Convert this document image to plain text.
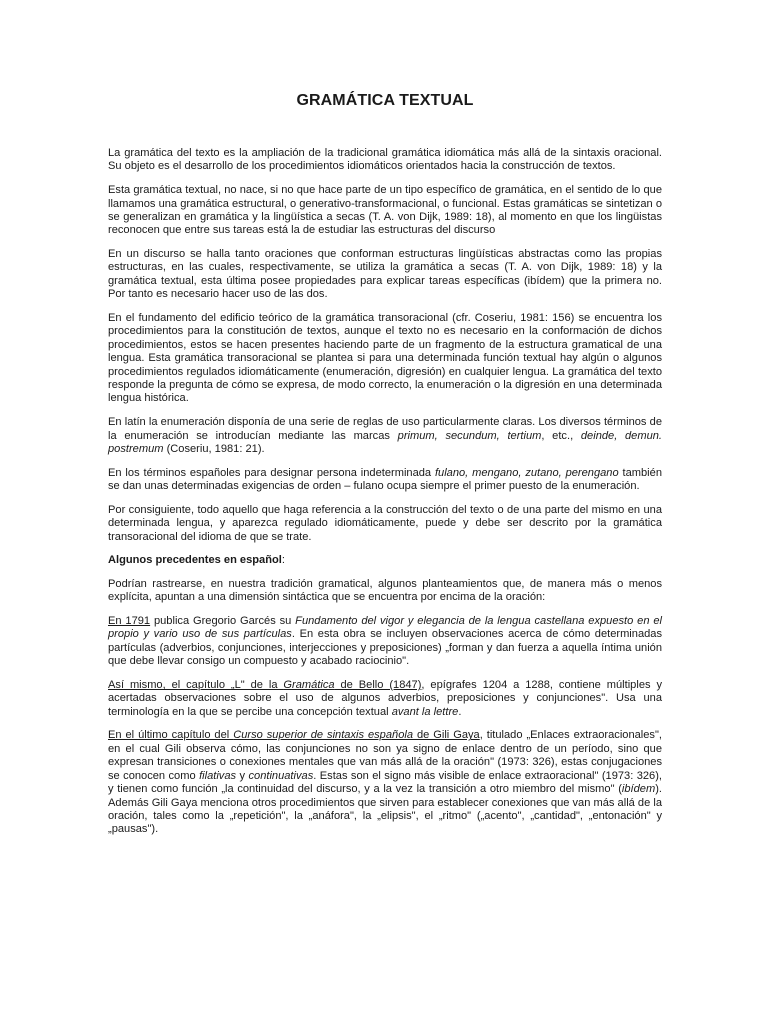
GRAMÁTICA TEXTUAL

La gramática del texto es la ampliación de la tradicional gramática idiomática más allá de la sintaxis oracional. Su objeto es el desarrollo de los procedimientos idiomáticos orientados hacia la construcción de textos.

Esta gramática textual, no nace, si no que hace parte de un tipo específico de gramática, en el sentido de lo que llamamos una gramática estructural, o generativo-transformacional, o funcional. Estas gramáticas se sintetizan o se generalizan en gramática y la lingüística a secas (T. A. von Dijk, 1989: 18), al momento en que los lingüistas reconocen que entre sus tareas está la de estudiar las estructuras del discurso

En un discurso se halla tanto oraciones que conforman estructuras lingüísticas abstractas como las propias estructuras, en las cuales, respectivamente, se utiliza la gramática a secas (T. A. von Dijk, 1989: 18) y la gramática textual, esta última posee propiedades para explicar tareas específicas (ibídem) que la primera no. Por tanto es necesario hacer uso de las dos.

En el fundamento del edificio teórico de la gramática transoracional (cfr. Coseriu, 1981: 156) se encuentra los procedimientos para la constitución de textos, aunque el texto no es necesario en la conformación de dichos procedimientos, estos se hacen presentes haciendo parte de un fragmento de la estructura gramatical de una lengua. Esta gramática transoracional se plantea si para una determinada función textual hay algún o algunos procedimientos regulados idiomáticamente (enumeración, digresión) en cualquier lengua. La gramática del texto responde la pregunta de cómo se expresa, de modo correcto, la enumeración o la digresión en una determinada lengua histórica.

En latín la enumeración disponía de una serie de reglas de uso particularmente claras. Los diversos términos de la enumeración se introducían mediante las marcas primum, secundum, tertium, etc., deinde, demun. postremum (Coseriu, 1981: 21).

En los términos españoles para designar persona indeterminada fulano, mengano, zutano, perengano también se dan unas determinadas exigencias de orden – fulano ocupa siempre el primer puesto de la enumeración.

Por consiguiente, todo aquello que haga referencia a la construcción del texto o de una parte del mismo en una determinada lengua, y aparezca regulado idiomáticamente, puede y debe ser descrito por la gramática transoracional del idioma de que se trate.

Algunos precedentes en español:

Podrían rastrearse, en nuestra tradición gramatical, algunos planteamientos que, de manera más o menos explícita, apuntan a una dimensión sintáctica que se encuentra por encima de la oración:

En 1791 publica Gregorio Garcés su Fundamento del vigor y elegancia de la lengua castellana expuesto en el propio y vario uso de sus partículas. En esta obra se incluyen observaciones acerca de cómo determinadas partículas (adverbios, conjunciones, interjecciones y preposiciones) „forman y dan fuerza a aquella íntima unión que debe llevar consigo un compuesto y acabado raciocinio".

Así mismo, el capítulo „L" de la Gramática de Bello (1847), epígrafes 1204 a 1288, contiene múltiples y acertadas observaciones sobre el uso de algunos adverbios, preposiciones y conjunciones". Usa una terminología en la que se percibe una concepción textual avant la lettre.

En el último capítulo del Curso superior de sintaxis española de Gili Gaya, titulado „Enlaces extraoracionales", en el cual Gili observa cómo, las conjunciones no son ya signo de enlace dentro de un período, sino que expresan transiciones o conexiones mentales que van más allá de la oración" (1973: 326), estas conjugaciones se conocen como filativas y continuativas. Estas son el signo más visible de enlace extraoracional" (1973: 326), y tienen como función „la continuidad del discurso, y a la vez la transición a otro miembro del mismo" (ibídem). Además Gili Gaya menciona otros procedimientos que sirven para establecer conexiones que van más allá de la oración, tales como la „repetición", la „anáfora", la „elipsis", el „ritmo" („acento", „cantidad", „entonación" y „pausas").
